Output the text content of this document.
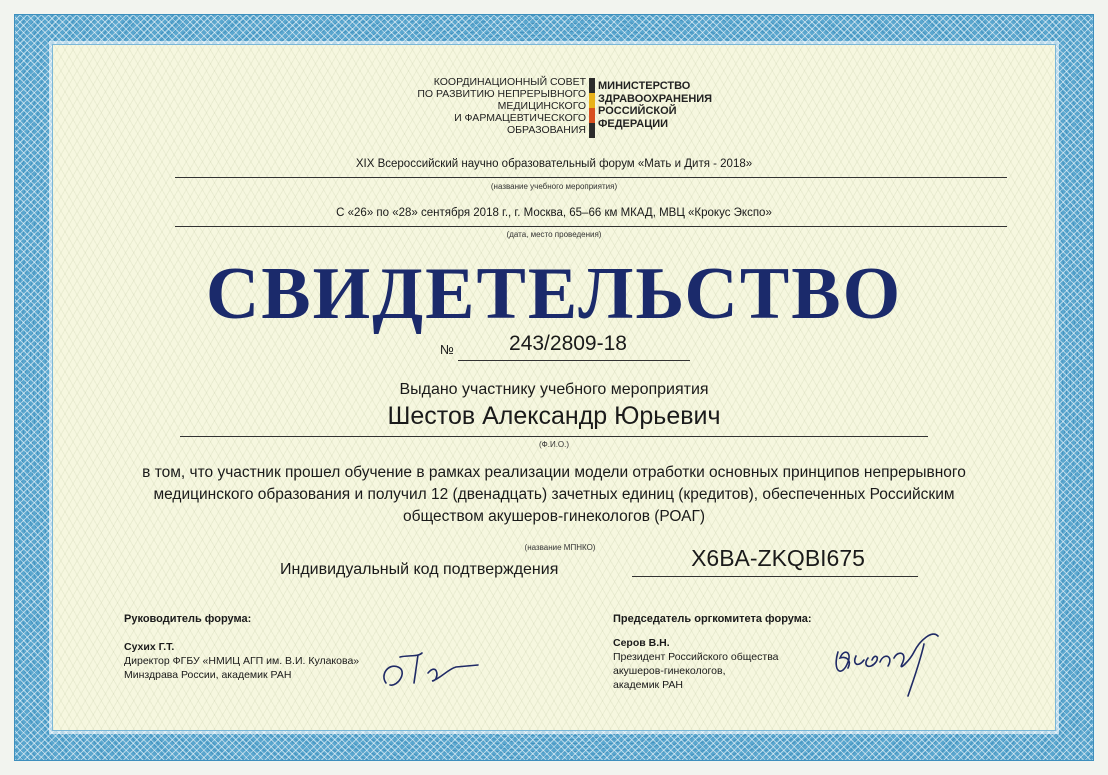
КООРДИНАЦИОННЫЙ СОВЕТ
ПО РАЗВИТИЮ НЕПРЕРЫВНОГО
МЕДИЦИНСКОГО
И ФАРМАЦЕВТИЧЕСКОГО
ОБРАЗОВАНИЯ
МИНИСТЕРСТВО
ЗДРАВООХРАНЕНИЯ
РОССИЙСКОЙ
ФЕДЕРАЦИИ
XIX Всероссийский научно образовательный форум «Мать и Дитя - 2018»
(название учебного мероприятия)
С «26» по «28» сентября 2018 г., г. Москва, 65–66 км МКАД, МВЦ «Крокус Экспо»
(дата, место проведения)
СВИДЕТЕЛЬСТВО
№	243/2809-18
Выдано участнику учебного мероприятия
Шестов Александр Юрьевич
(Ф.И.О.)
в том, что участник прошел обучение в рамках реализации модели отработки основных принципов непрерывного медицинского образования и получил 12 (двенадцать) зачетных единиц (кредитов), обеспеченных Российским обществом акушеров-гинекологов (РОАГ)
(название МПНКО)
Индивидуальный код подтверждения	X6BA-ZKQBI675
Руководитель форума:
Сухих Г.Т.
Директор ФГБУ «НМИЦ АГП им. В.И. Кулакова»
Минздрава России, академик РАН
Председатель оргкомитета форума:
Серов В.Н.
Президент Российского общества
акушеров-гинекологов,
академик РАН
